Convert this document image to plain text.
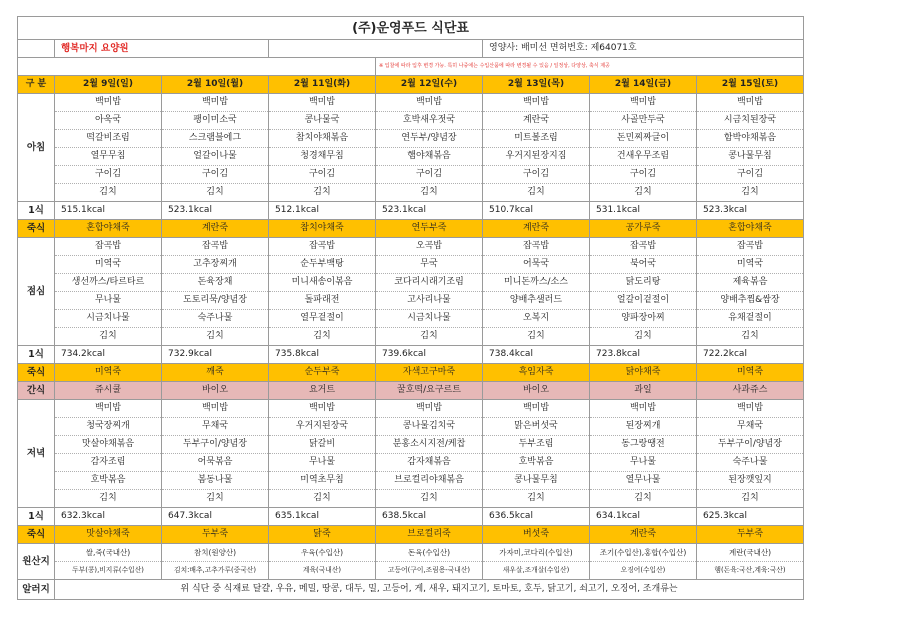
(주)운영푸드 식단표							
	행복마지 요양원				영양사: 배미선 면허번호: 제64071호		
				※ 입찰에 따라 입후 변경 가능. 특히 나중에는 수입산품에 따라 변경될 수 있음 / 일정상, 다양상, 축식 제공			
구 분	2월 9일(일)	2월 10일(월)	2월 11일(화)	2월 12일(수)	2월 13일(목)	2월 14일(금)	2월 15일(토)
아침	백미밥	백미밥	백미밥	백미밥	백미밥	백미밥	백미밥
	아욱국	팽이미소국	콩나물국	호박새우젓국	계란국	사골만두국	시금치된장국
	떡갈비조림	스크램블에그	참치야채볶음	연두부/양념장	미트볼조림	돈민찌짜글이	함박야채볶음
	열무무침	얼갈이나물	청경채무침	햄야채볶음	우거지된장지짐	건새우무조림	콩나물무침
	구이김	구이김	구이김	구이김	구이김	구이김	구이김
	김치	김치	김치	김치	김치	김치	김치
1식	515.1kcal	523.1kcal	512.1kcal	523.1kcal	510.7kcal	531.1kcal	523.3kcal
죽식	혼합야채죽	계란죽	참치야채죽	연두부죽	계란죽	공가루죽	혼합야채죽
점심	잡곡밥	잡곡밥	잡곡밥	오곡밥	잡곡밥	잡곡밥	잡곡밥
	미역국	고추장찌개	순두부백탕	무국	어묵국	북어국	미역국
	생선까스/타르타르	돈육장채	미니새송이볶음	코다리시래기조림	미니돈까스/소스	닭도리탕	제육볶음
	무나물	도토리묵/양념장	돌파래전	고사리나물	양배추샐러드	얼갈이겉절이	양배추찜&쌈장
	시금치나물	숙주나물	열무겉절이	시금치나물	오복지	양파장아찌	유채겉절이
	김치	김치	김치	김치	김치	김치	김치
1식	734.2kcal	732.9kcal	735.8kcal	739.6kcal	738.4kcal	723.8kcal	722.2kcal
죽식	미역죽	깨죽	순두부죽	자색고구마죽	흑임자죽	닭야채죽	미역죽
간식	쥬시쿨	바이오	요거트	꿀호떡/요구르트	바이오	과일	사과쥬스
저녁	백미밥	백미밥	백미밥	백미밥	백미밥	백미밥	백미밥
	청국장찌개	무채국	우거지된장국	콩나물김치국	맑은버섯국	된장찌개	무채국
	맛살야채볶음	두부구이/양념장	닭갈비	분홍소시지전/케찹	두부조림	동그랑땡전	두부구이/양념장
	감자조림	어묵볶음	무나물	감자채볶음	호박볶음	무나물	숙주나물
	호박볶음	봄동나물	미역초무침	브로컬리야채볶음	콩나물무침	열무나물	된장깻잎지
	김치	김치	김치	김치	김치	김치	김치
1식	632.3kcal	647.3kcal	635.1kcal	638.5kcal	636.5kcal	634.1kcal	625.3kcal
죽식	맛살야채죽	두부죽	닭죽	브로컬리죽	버섯죽	계란죽	두부죽
원산지	쌀,죽(국내산)	참치(원양산)	우육(수입산)	돈육(수입산)	가자미,코다리(수입산)	조기(수입산),홍합(수입산)	계란(국내산)
	두부(콩),비지류(수입산)	김치:배추,고추가루(중국산)	계육(국내산)	고등어(구이,조림용-국내산)	새우살,조개살(수입산)	오징어(수입산)	햄(돈육:국산,계육:국산)
알러지	위 식단 중 식재료 달걀, 우유, 메밀, 땅콩, 대두, 밀, 고등어, 게, 새우, 돼지고기, 토마토, 호두, 닭고기, 쇠고기, 오징어, 조개류는						
